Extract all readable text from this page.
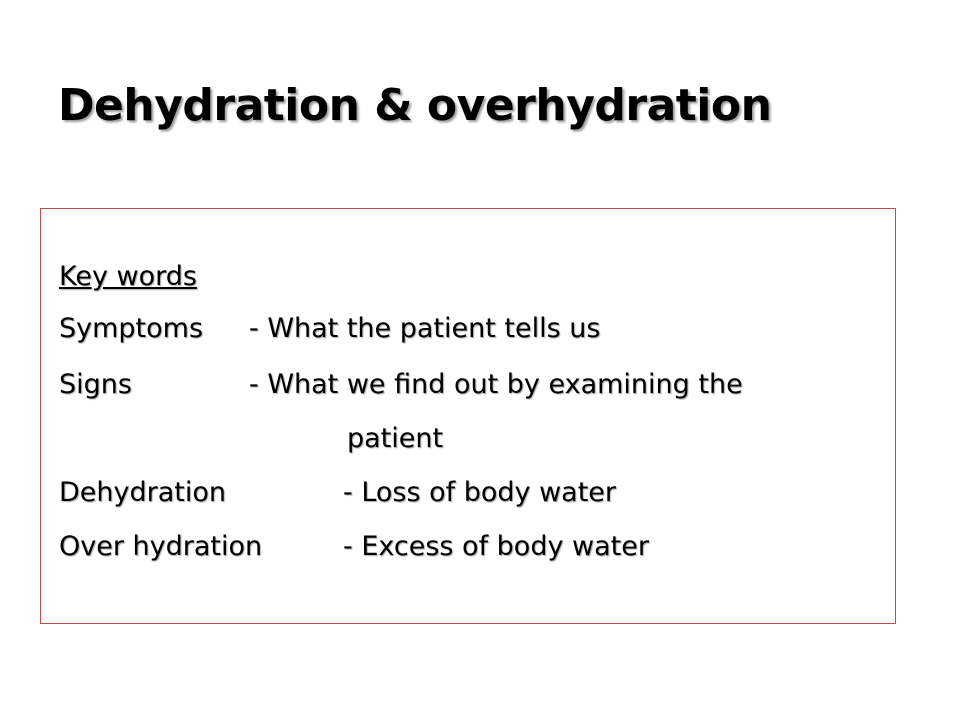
Dehydration & overhydration
Key words
Symptoms - What the patient tells us
Signs	- What we find out by examining the
patient
Dehydration	- Loss of body water
Over hydration	- Excess of body water
